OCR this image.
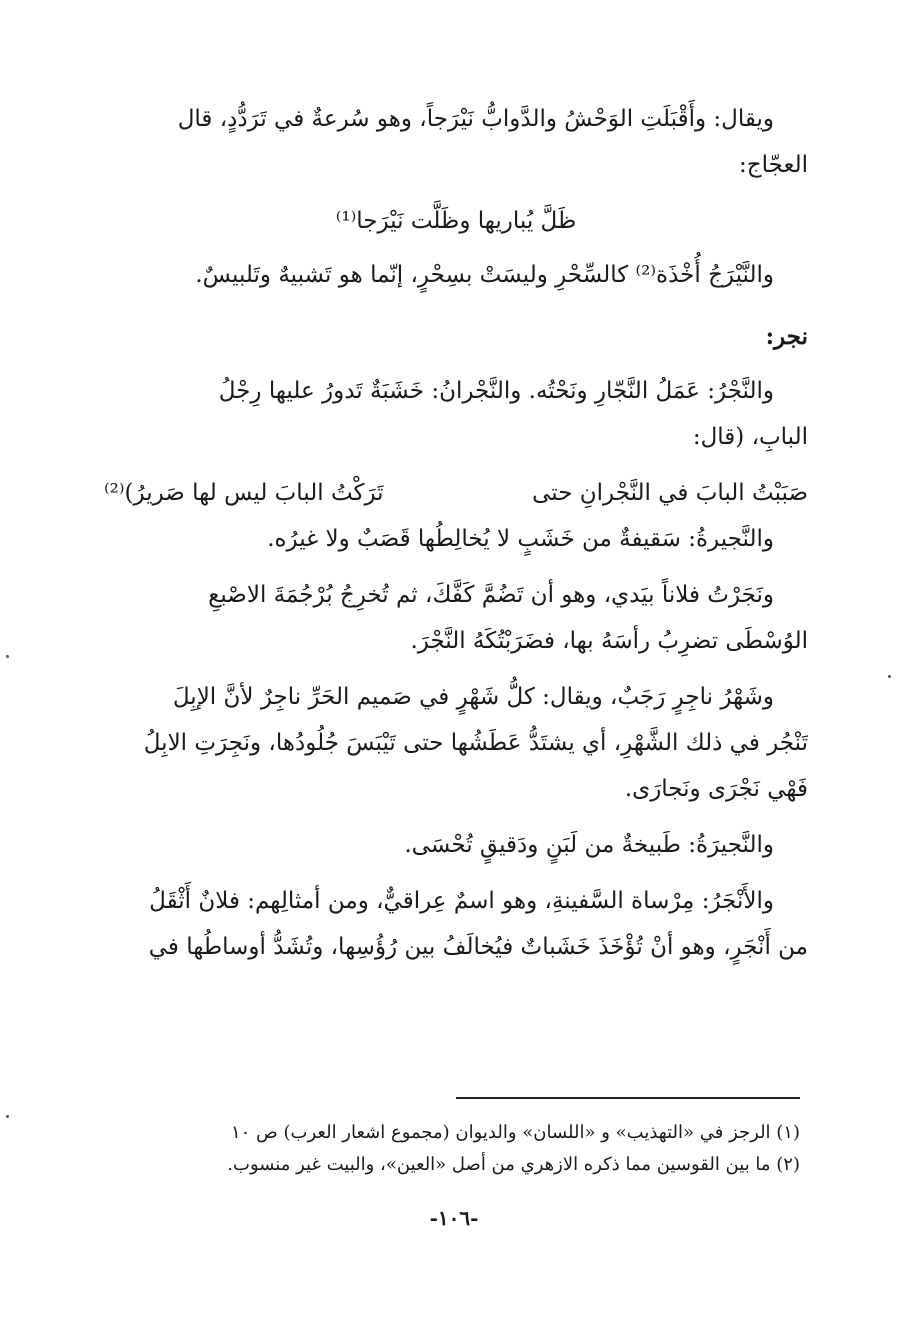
ويقال: وأَقْبَلَتِ الوَحْشُ والدَّوابُّ نَيْرَجاً، وهو سُرعةٌ في تَرَدُّدٍ، قال

العجّاج:

ظَلَّ يُباريها وظَلَّت نَيْرَجا⁽¹⁾

والنَّيْرَجُ أُخْذَة⁽²⁾ كالسِّحْرِ وليسَتْ بسِحْرٍ، إنّما هو تَشبيهٌ وتَلبيسٌ.

نجر:

والنَّجْرُ: عَمَلُ النَّجّارِ ونَحْتُه. والنَّجْرانُ: خَشَبَةٌ تَدورُ عليها رِجْلُ

البابِ، (قال:

صَبَبْتُ البابَ في النَّجْرانِ حتى
تَرَكْتُ البابَ ليس لها صَريرُ)⁽²⁾

والنَّجيرةُ: سَقيفةٌ من خَشَبٍ لا يُخالِطُها قَصَبٌ ولا غيرُه.

ونَجَرْتُ فلاناً بيَدي، وهو أن تَضُمَّ كَفَّكَ، ثم تُخرِجُ بُرْجُمَةَ الاصْبعِ

الوُسْطَى تضرِبُ رأسَهُ بها، فضَرَبْتُكَهُ النَّجْرَ.

وشَهْرُ ناجِرٍ رَجَبٌ، ويقال: كلُّ شَهْرٍ في صَميم الحَرِّ ناجِرٌ لأنَّ الإبِلَ

تَنْجُر في ذلك الشَّهْرِ، أي يشتَدُّ عَطَشُها حتى تَيْبَسَ جُلُودُها، ونَجِرَتِ الابِلُ

فَهْي نَجْرَى ونَجارَى.

والنَّجيرَةُ: طَبيخةٌ من لَبَنٍ ودَقيقٍ تُحْسَى.

والأَنْجَرُ: مِرْساة السَّفينةِ، وهو اسمٌ عِراقيٌّ، ومن أمثالِهم: فلانٌ أَثْقَلُ

من أَنْجَرٍ، وهو أنْ تُؤْخَذَ خَشَباتٌ فيُخالَفُ بين رُؤُسِها، وتُشَدُّ أوساطُها في

(١) الرجز في «التهذيب» و «اللسان» والديوان (مجموع اشعار العرب) ص ١٠
(٢) ما بين القوسين مما ذكره الازهري من أصل «العين»، والبيت غير منسوب.
-١٠٦-
